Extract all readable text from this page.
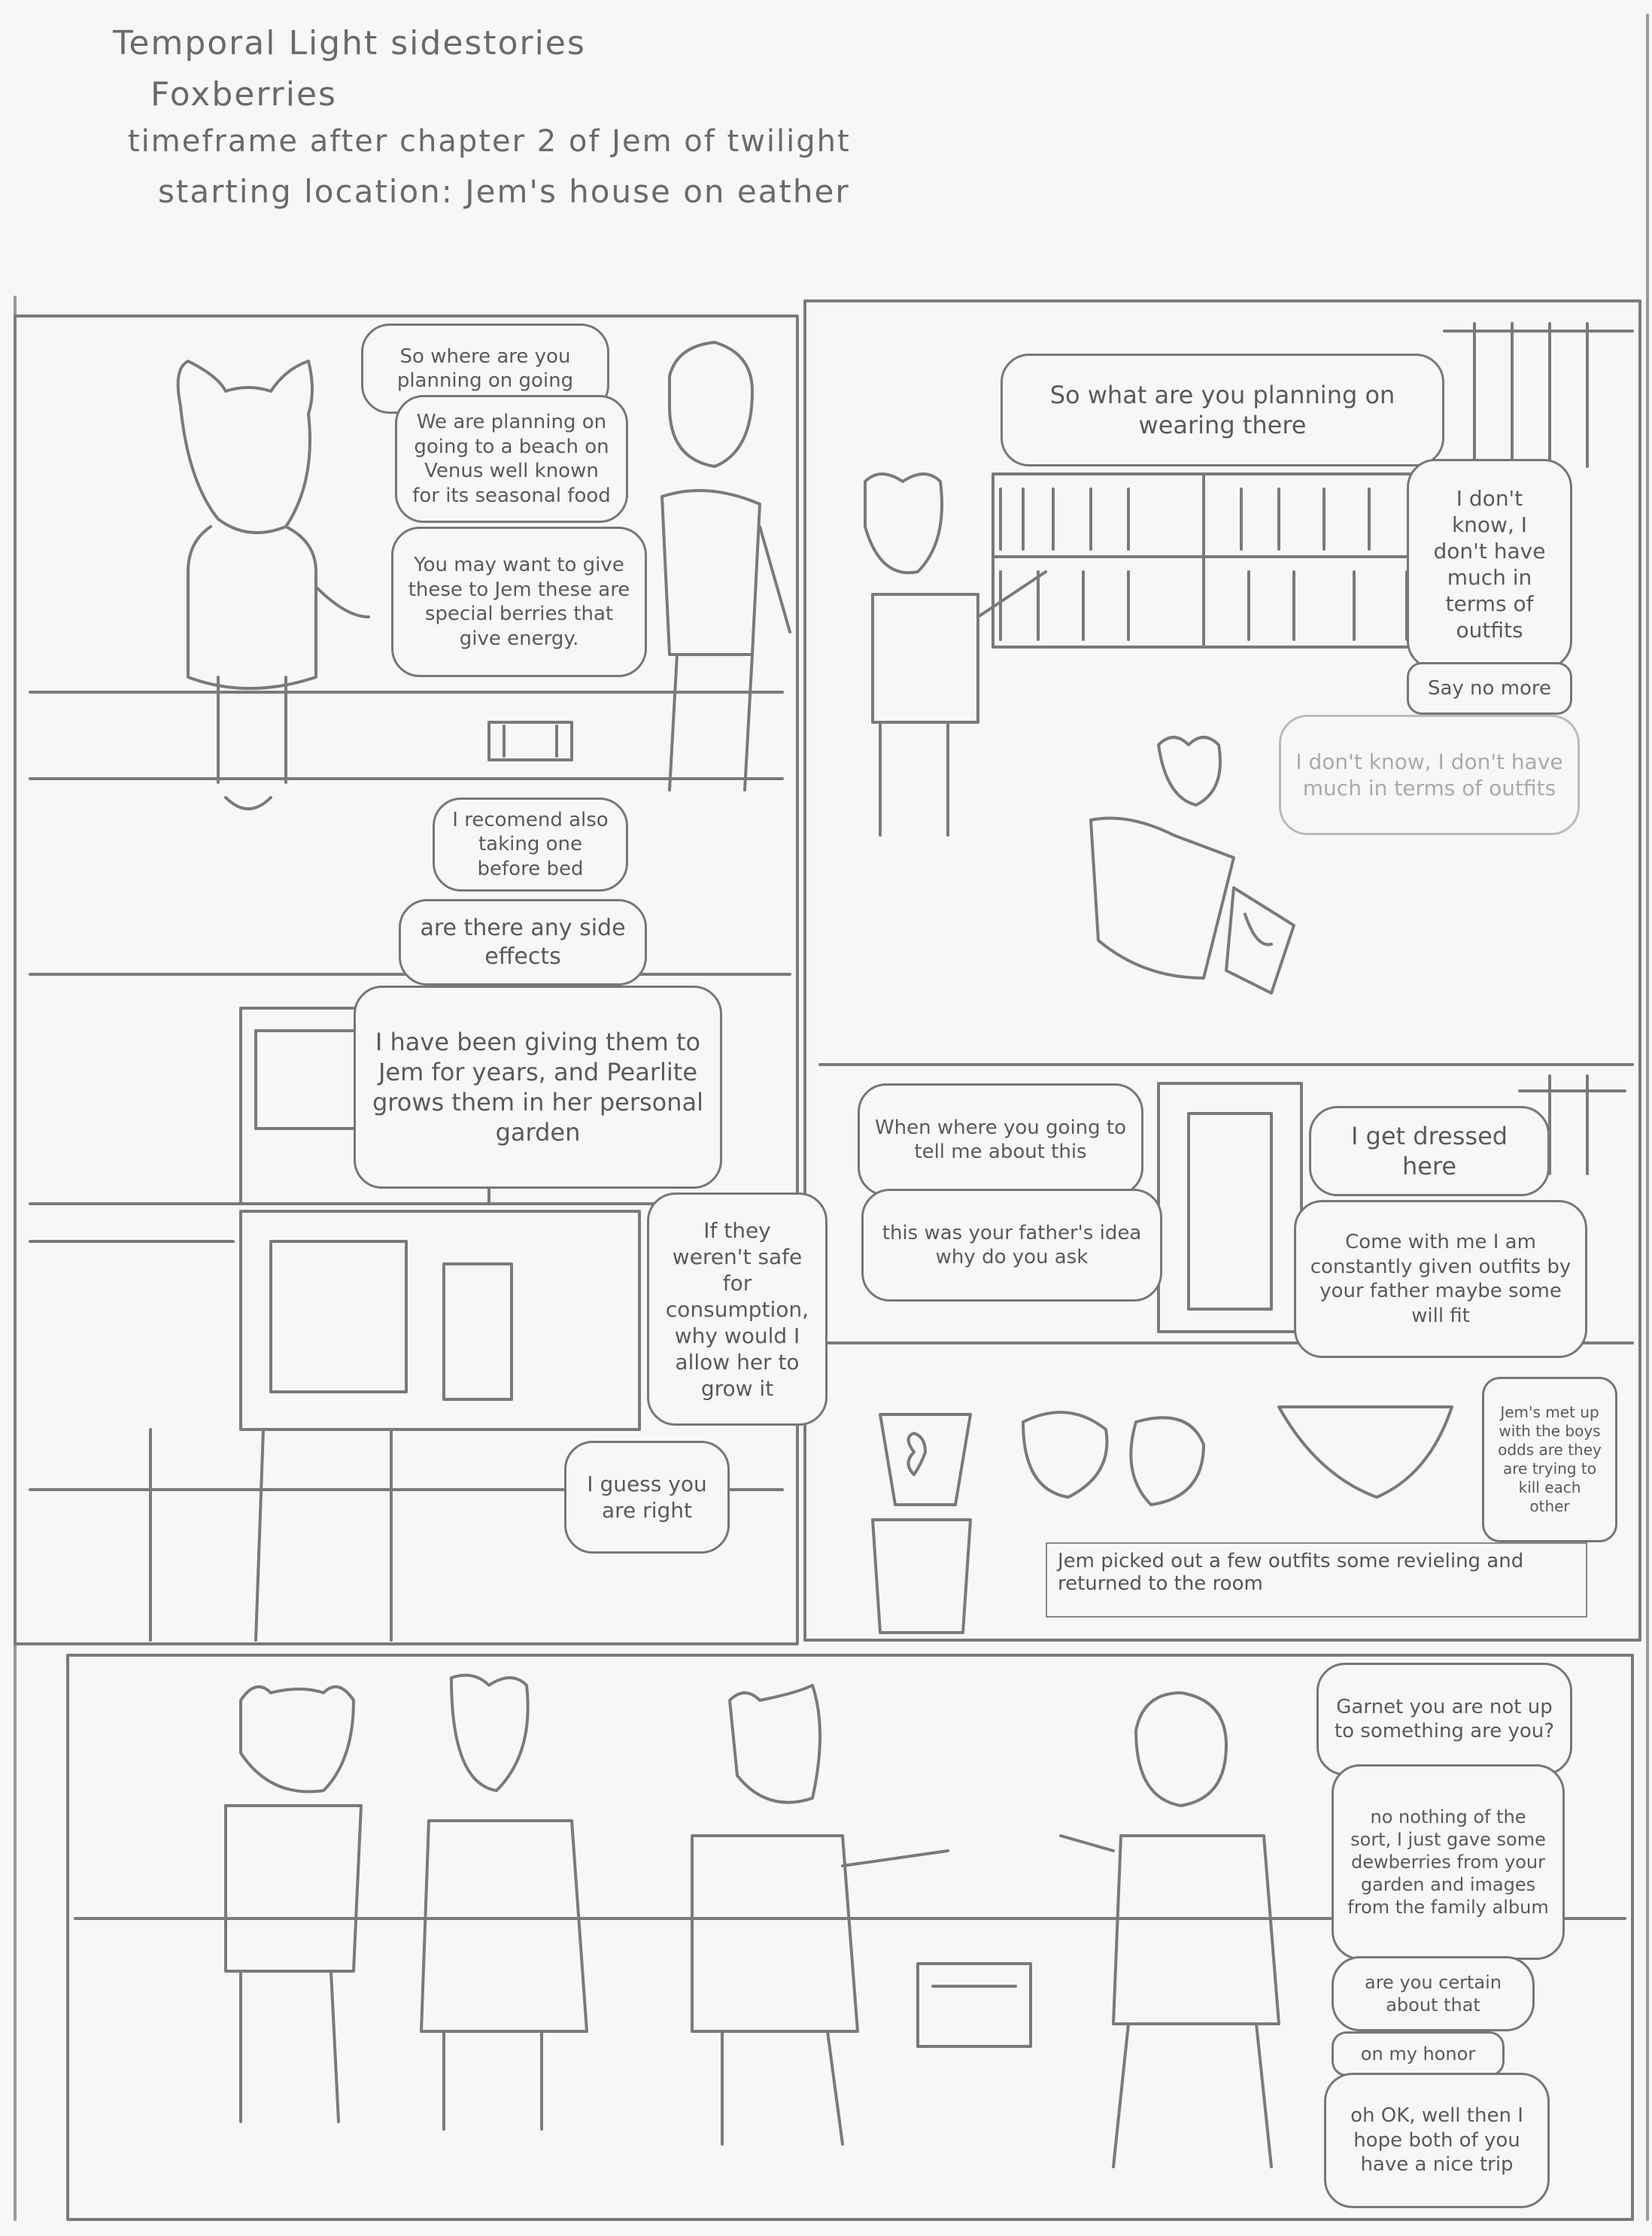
Temporal Light sidestories
Foxberries
timeframe after chapter 2 of Jem of twilight
starting location: Jem's house on eather
So where are you planning on going
We are planning on going to a beach on Venus well known for its seasonal food
You may want to give these to Jem these are special berries that give energy.
I recomend also taking one before bed
So what are you planning on wearing there
I don't know, I don't have much in terms of outfits
Say no more
I don't know, I don't have much in terms of outfits
are there any side effects
I have been giving them to Jem for years, and Pearlite grows them in her personal garden
If they weren't safe for consumption, why would I allow her to grow it
I guess you are right
When where you going to tell me about this
I get dressed here
this was your father's idea why do you ask
Come with me I am constantly given outfits by your father maybe some will fit
Jem's met up with the boys odds are they are trying to kill each other
Jem picked out a few outfits some revieling and returned to the room
Garnet you are not up to something are you?
no nothing of the sort, I just gave some dewberries from your garden and images from the family album
are you certain about that
on my honor
oh OK, well then I hope both of you have a nice trip
